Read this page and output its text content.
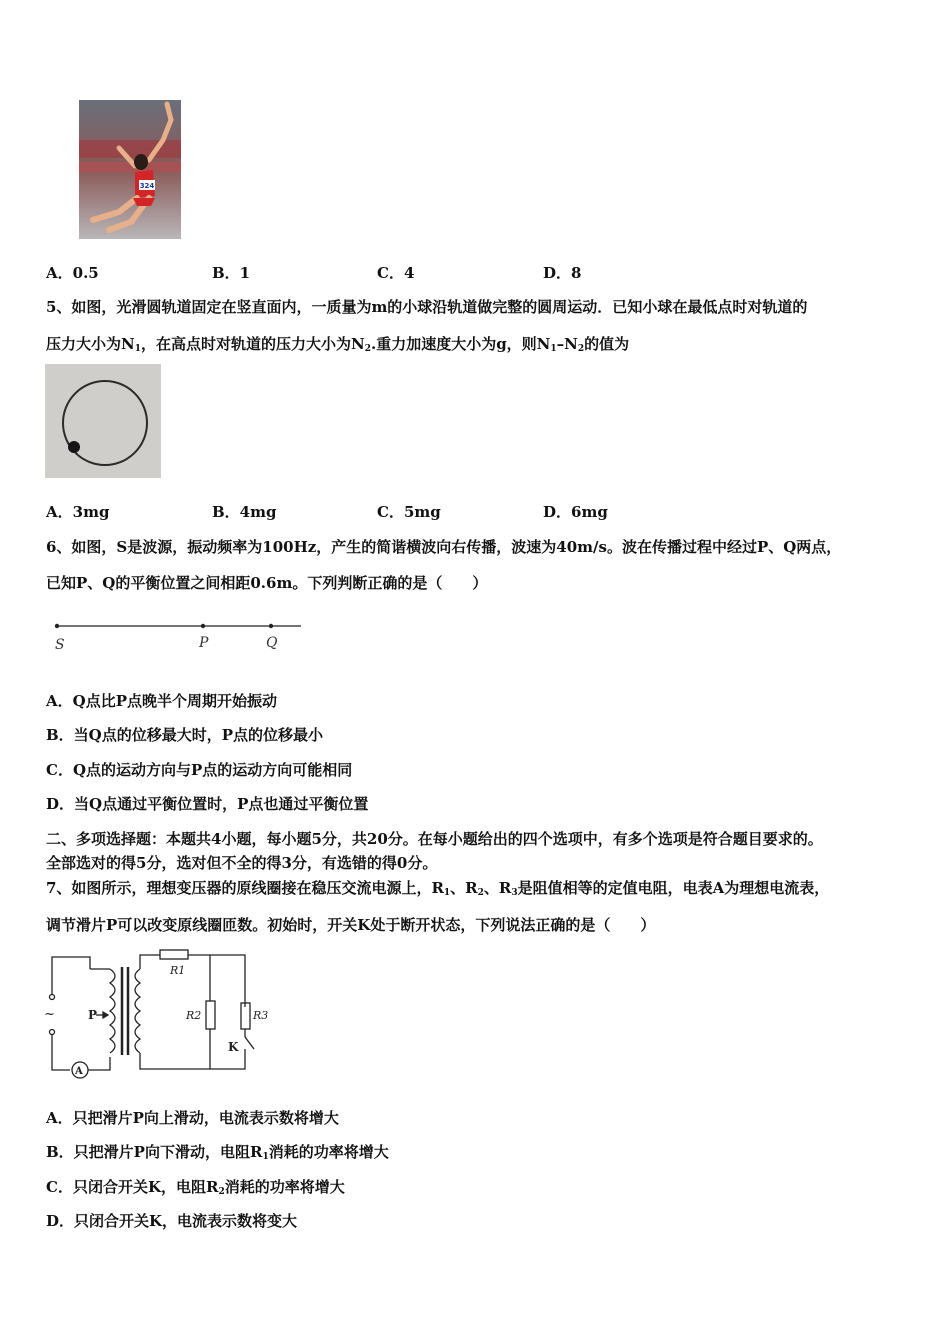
324
A．0.5	B．1	C．4	D．8
5、如图，光滑圆轨道固定在竖直面内，一质量为m的小球沿轨道做完整的圆周运动．已知小球在最低点时对轨道的
压力大小为$N_1$，在高点时对轨道的压力大小为$N_2$.重力加速度大小为g，则$N_1-N_2$的值为
A．3mg	B．4mg	C．5mg	D．6mg
6、如图，S是波源，振动频率为100Hz，产生的简谐横波向右传播，波速为40m/s。波在传播过程中经过P、Q两点，
已知P、Q的平衡位置之间相距0.6m。下列判断正确的是（　　）
S	P	Q
A．Q点比P点晚半个周期开始振动
B．当Q点的位移最大时，P点的位移最小
C．Q点的运动方向与P点的运动方向可能相同
D．当Q点通过平衡位置时，P点也通过平衡位置
二、多项选择题：本题共4小题，每小题5分，共20分。在每小题给出的四个选项中，有多个选项是符合题目要求的。
全部选对的得5分，选对但不全的得3分，有选错的得0分。
7、如图所示，理想变压器的原线圈接在稳压交流电源上，$R_1$、$R_2$、$R_3$是阻值相等的定值电阻，电表A为理想电流表，
调节滑片P可以改变原线圈匝数。初始时，开关K处于断开状态，下列说法正确的是（　　）
~	P
A
R1
R2	R3
K
A．只把滑片P向上滑动，电流表示数将增大
B．只把滑片P向下滑动，电阻$R_1$消耗的功率将增大
C．只闭合开关K，电阻$R_2$消耗的功率将增大
D．只闭合开关K，电流表示数将变大
